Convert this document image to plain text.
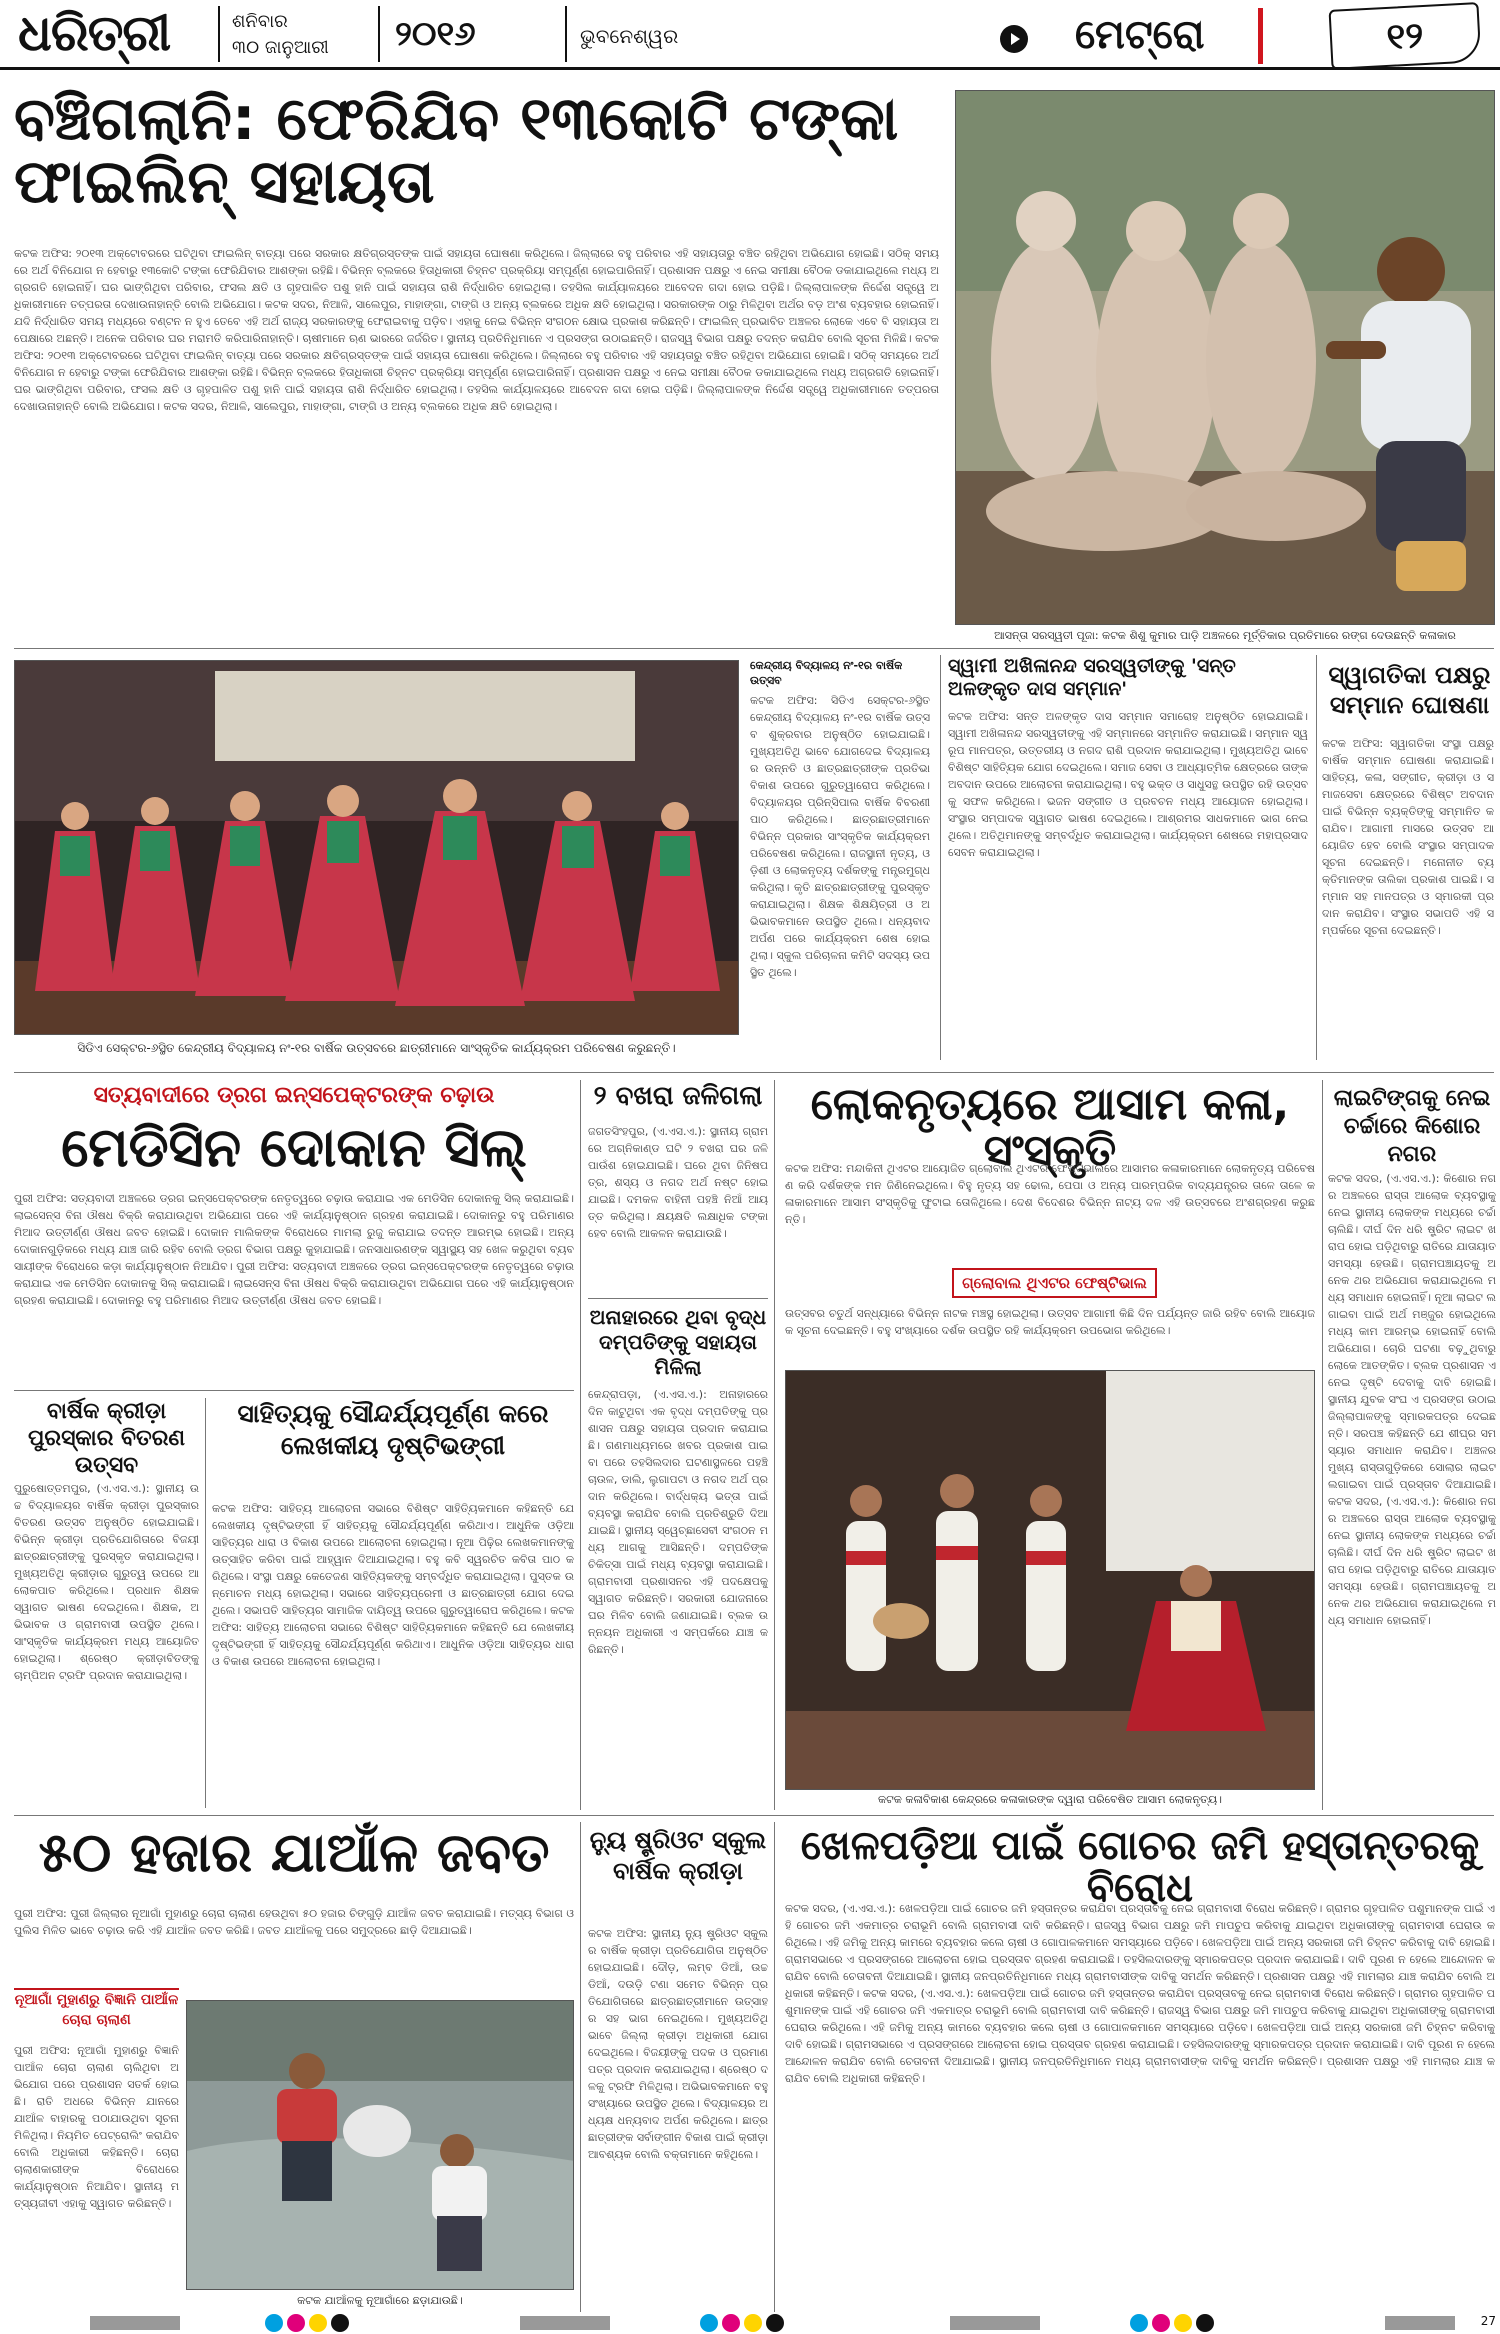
ଧରିତ୍ରୀ	ଶନିବାର
୩୦ ଜାନୁଆରୀ ୨୦୧୬	ଭୁବନେଶ୍ୱର	ମେଟ୍ରୋ	୧୨
ବଞ୍ଚିଗଲାନି: ଫେରିଯିବ ୧୩କୋଟି ଟଙ୍କା ଫାଇଲିନ୍ ସହାୟତା
କଟକ ଅଫିସ: ୨୦୧୩ ଅକ୍ଟୋବରରେ ଘଟିଥିବା ଫାଇଲିନ୍ ବାତ୍ୟା ପରେ ସରକାର କ୍ଷତିଗ୍ରସ୍ତଙ୍କ ପାଇଁ ସହାୟତା ଘୋଷଣା କରିଥିଲେ। ଜିଲ୍ଲାରେ ବହୁ ପରିବାର ଏହି ସହାୟତାରୁ ବଞ୍ଚିତ ରହିଥିବା ଅଭିଯୋଗ ହୋଇଛି। ସଠିକ୍ ସମୟରେ ଅର୍ଥ ବିନିଯୋଗ ନ ହେବାରୁ ୧୩କୋଟି ଟଙ୍କା ଫେରିଯିବାର ଆଶଙ୍କା ରହିଛି। ବିଭିନ୍ନ ବ୍ଲକରେ ହିତାଧିକାରୀ ଚିହ୍ନଟ ପ୍ରକ୍ରିୟା ସମ୍ପୂର୍ଣ୍ଣ ହୋଇପାରିନାହିଁ। ପ୍ରଶାସନ ପକ୍ଷରୁ ଏ ନେଇ ସମୀକ୍ଷା ବୈଠକ ଡକାଯାଇଥିଲେ ମଧ୍ୟ ଅଗ୍ରଗତି ହୋଇନାହିଁ। ଘର ଭାଙ୍ଗିଥିବା ପରିବାର, ଫସଲ କ୍ଷତି ଓ ଗୃହପାଳିତ ପଶୁ ହାନି ପାଇଁ ସହାୟତା ରାଶି ନିର୍ଦ୍ଧାରିତ ହୋଇଥିଲା। ତହସିଲ କାର୍ଯ୍ୟାଳୟରେ ଆବେଦନ ଗଦା ହୋଇ ପଡ଼ିଛି। ଜିଲ୍ଲାପାଳଙ୍କ ନିର୍ଦ୍ଦେଶ ସତ୍ତ୍ୱେ ଅଧିକାରୀମାନେ ତତ୍ପରତା ଦେଖାଉନାହାନ୍ତି ବୋଲି ଅଭିଯୋଗ। କଟକ ସଦର, ନିଆଳି, ସାଲେପୁର, ମାହାଙ୍ଗା, ଟାଙ୍ଗି ଓ ଅନ୍ୟ ବ୍ଲକରେ ଅଧିକ କ୍ଷତି ହୋଇଥିଲା। ସରକାରଙ୍କ ଠାରୁ ମିଳିଥିବା ଅର୍ଥର ବଡ଼ ଅଂଶ ବ୍ୟବହାର ହୋଇନାହିଁ। ଯଦି ନିର୍ଦ୍ଧାରିତ ସମୟ ମଧ୍ୟରେ ବଣ୍ଟନ ନ ହୁଏ ତେବେ ଏହି ଅର୍ଥ ରାଜ୍ୟ ସରକାରଙ୍କୁ ଫେରାଇବାକୁ ପଡ଼ିବ। ଏହାକୁ ନେଇ ବିଭିନ୍ନ ସଂଗଠନ କ୍ଷୋଭ ପ୍ରକାଶ କରିଛନ୍ତି। ଫାଇଲିନ୍ ପ୍ରଭାବିତ ଅଞ୍ଚଳର ଲୋକେ ଏବେ ବି ସହାୟତା ଅପେକ୍ଷାରେ ଅଛନ୍ତି। ଅନେକ ପରିବାର ଘର ମରାମତି କରିପାରିନାହାନ୍ତି। ଚାଷୀମାନେ ଋଣ ଭାରରେ ଜର୍ଜରିତ। ସ୍ଥାନୀୟ ପ୍ରତିନିଧିମାନେ ଏ ପ୍ରସଙ୍ଗ ଉଠାଇଛନ୍ତି। ରାଜସ୍ୱ ବିଭାଗ ପକ୍ଷରୁ ତଦନ୍ତ କରାଯିବ ବୋଲି ସୂଚନା ମିଳିଛି। କଟକ ଅଫିସ: ୨୦୧୩ ଅକ୍ଟୋବରରେ ଘଟିଥିବା ଫାଇଲିନ୍ ବାତ୍ୟା ପରେ ସରକାର କ୍ଷତିଗ୍ରସ୍ତଙ୍କ ପାଇଁ ସହାୟତା ଘୋଷଣା କରିଥିଲେ। ଜିଲ୍ଲାରେ ବହୁ ପରିବାର ଏହି ସହାୟତାରୁ ବଞ୍ଚିତ ରହିଥିବା ଅଭିଯୋଗ ହୋଇଛି। ସଠିକ୍ ସମୟରେ ଅର୍ଥ ବିନିଯୋଗ ନ ହେବାରୁ ଟଙ୍କା ଫେରିଯିବାର ଆଶଙ୍କା ରହିଛି। ବିଭିନ୍ନ ବ୍ଲକରେ ହିତାଧିକାରୀ ଚିହ୍ନଟ ପ୍ରକ୍ରିୟା ସମ୍ପୂର୍ଣ୍ଣ ହୋଇପାରିନାହିଁ। ପ୍ରଶାସନ ପକ୍ଷରୁ ଏ ନେଇ ସମୀକ୍ଷା ବୈଠକ ଡକାଯାଇଥିଲେ ମଧ୍ୟ ଅଗ୍ରଗତି ହୋଇନାହିଁ। ଘର ଭାଙ୍ଗିଥିବା ପରିବାର, ଫସଲ କ୍ଷତି ଓ ଗୃହପାଳିତ ପଶୁ ହାନି ପାଇଁ ସହାୟତା ରାଶି ନିର୍ଦ୍ଧାରିତ ହୋଇଥିଲା। ତହସିଲ କାର୍ଯ୍ୟାଳୟରେ ଆବେଦନ ଗଦା ହୋଇ ପଡ଼ିଛି। ଜିଲ୍ଲାପାଳଙ୍କ ନିର୍ଦ୍ଦେଶ ସତ୍ତ୍ୱେ ଅଧିକାରୀମାନେ ତତ୍ପରତା ଦେଖାଉନାହାନ୍ତି ବୋଲି ଅଭିଯୋଗ। କଟକ ସଦର, ନିଆଳି, ସାଲେପୁର, ମାହାଙ୍ଗା, ଟାଙ୍ଗି ଓ ଅନ୍ୟ ବ୍ଲକରେ ଅଧିକ କ୍ଷତି ହୋଇଥିଲା।
ଆସନ୍ତା ସରସ୍ୱତୀ ପୂଜା: କଟକ ଶିଶୁ କୁମାର ପାଡ଼ି ଅଞ୍ଚଳରେ ମୂର୍ତ୍ତିକାର ପ୍ରତିମାରେ ରଙ୍ଗ ଦେଉଛନ୍ତି କଳାକାର
ସିଡିଏ ସେକ୍ଟର-୬ସ୍ଥିତ କେନ୍ଦ୍ରୀୟ ବିଦ୍ୟାଳୟ ନଂ-୧ର ବାର୍ଷିକ ଉତ୍ସବରେ ଛାତ୍ରୀମାନେ ସାଂସ୍କୃତିକ କାର୍ଯ୍ୟକ୍ରମ ପରିବେଷଣ କରୁଛନ୍ତି।
କେନ୍ଦ୍ରୀୟ ବିଦ୍ୟାଳୟ ନଂ-୧ର ବାର୍ଷିକ ଉତ୍ସବ
କଟକ ଅଫିସ: ସିଡିଏ ସେକ୍ଟର-୬ସ୍ଥିତ କେନ୍ଦ୍ରୀୟ ବିଦ୍ୟାଳୟ ନଂ-୧ର ବାର୍ଷିକ ଉତ୍ସବ ଶୁକ୍ରବାର ଅନୁଷ୍ଠିତ ହୋଇଯାଇଛି। ମୁଖ୍ୟଅତିଥି ଭାବେ ଯୋଗଦେଇ ବିଦ୍ୟାଳୟର ଉନ୍ନତି ଓ ଛାତ୍ରଛାତ୍ରୀଙ୍କ ପ୍ରତିଭା ବିକାଶ ଉପରେ ଗୁରୁତ୍ୱାରୋପ କରିଥିଲେ। ବିଦ୍ୟାଳୟର ପ୍ରିନ୍ସିପାଲ ବାର୍ଷିକ ବିବରଣୀ ପାଠ କରିଥିଲେ। ଛାତ୍ରଛାତ୍ରୀମାନେ ବିଭିନ୍ନ ପ୍ରକାର ସାଂସ୍କୃତିକ କାର୍ଯ୍ୟକ୍ରମ ପରିବେଷଣ କରିଥିଲେ। ରାଜସ୍ଥାନୀ ନୃତ୍ୟ, ଓଡ଼ିଶୀ ଓ ଲୋକନୃତ୍ୟ ଦର୍ଶକଙ୍କୁ ମନ୍ତ୍ରମୁଗ୍ଧ କରିଥିଲା। କୃତି ଛାତ୍ରଛାତ୍ରୀଙ୍କୁ ପୁରସ୍କୃତ କରାଯାଇଥିଲା। ଶିକ୍ଷକ ଶିକ୍ଷୟିତ୍ରୀ ଓ ଅଭିଭାବକମାନେ ଉପସ୍ଥିତ ଥିଲେ। ଧନ୍ୟବାଦ ଅର୍ପଣ ପରେ କାର୍ଯ୍ୟକ୍ରମ ଶେଷ ହୋଇଥିଲା। ସ୍କୁଲ ପରିଚାଳନା କମିଟି ସଦସ୍ୟ ଉପସ୍ଥିତ ଥିଲେ।
ସ୍ୱାମୀ ଅଖିଳାନନ୍ଦ ସରସ୍ୱତୀଙ୍କୁ 'ସନ୍ତ ଅଳଙ୍କୃତ ଦାସ ସମ୍ମାନ'
କଟକ ଅଫିସ: ସନ୍ତ ଅଳଙ୍କୃତ ଦାସ ସମ୍ମାନ ସମାରୋହ ଅନୁଷ୍ଠିତ ହୋଇଯାଇଛି। ସ୍ୱାମୀ ଅଖିଳାନନ୍ଦ ସରସ୍ୱତୀଙ୍କୁ ଏହି ସମ୍ମାନରେ ସମ୍ମାନିତ କରାଯାଇଛି। ସମ୍ମାନ ସ୍ୱରୂପ ମାନପତ୍ର, ଉତ୍ତରୀୟ ଓ ନଗଦ ରାଶି ପ୍ରଦାନ କରାଯାଇଥିଲା। ମୁଖ୍ୟଅତିଥି ଭାବେ ବିଶିଷ୍ଟ ସାହିତ୍ୟିକ ଯୋଗ ଦେଇଥିଲେ। ସମାଜ ସେବା ଓ ଆଧ୍ୟାତ୍ମିକ କ୍ଷେତ୍ରରେ ତାଙ୍କ ଅବଦାନ ଉପରେ ଆଲୋଚନା କରାଯାଇଥିଲା। ବହୁ ଭକ୍ତ ଓ ସାଧୁସନ୍ଥ ଉପସ୍ଥିତ ରହି ଉତ୍ସବକୁ ସଫଳ କରିଥିଲେ। ଭଜନ ସଙ୍ଗୀତ ଓ ପ୍ରବଚନ ମଧ୍ୟ ଆୟୋଜନ ହୋଇଥିଲା। ସଂସ୍ଥାର ସମ୍ପାଦକ ସ୍ୱାଗତ ଭାଷଣ ଦେଇଥିଲେ। ଆଶ୍ରମର ସାଧକମାନେ ଭାଗ ନେଇଥିଲେ। ଅତିଥିମାନଙ୍କୁ ସମ୍ବର୍ଦ୍ଧିତ କରାଯାଇଥିଲା। କାର୍ଯ୍ୟକ୍ରମ ଶେଷରେ ମହାପ୍ରସାଦ ସେବନ କରାଯାଇଥିଲା।
ସ୍ୱାଗତିକା ପକ୍ଷରୁ ସମ୍ମାନ ଘୋଷଣା
କଟକ ଅଫିସ: ସ୍ୱାଗତିକା ସଂସ୍ଥା ପକ୍ଷରୁ ବାର୍ଷିକ ସମ୍ମାନ ଘୋଷଣା କରାଯାଇଛି। ସାହିତ୍ୟ, କଳା, ସଙ୍ଗୀତ, କ୍ରୀଡ଼ା ଓ ସମାଜସେବା କ୍ଷେତ୍ରରେ ବିଶିଷ୍ଟ ଅବଦାନ ପାଇଁ ବିଭିନ୍ନ ବ୍ୟକ୍ତିଙ୍କୁ ସମ୍ମାନିତ କରାଯିବ। ଆଗାମୀ ମାସରେ ଉତ୍ସବ ଆୟୋଜିତ ହେବ ବୋଲି ସଂସ୍ଥାର ସମ୍ପାଦକ ସୂଚନା ଦେଇଛନ୍ତି। ମନୋନୀତ ବ୍ୟକ୍ତିମାନଙ୍କ ତାଲିକା ପ୍ରକାଶ ପାଇଛି। ସମ୍ମାନ ସହ ମାନପତ୍ର ଓ ସ୍ମାରକୀ ପ୍ରଦାନ କରାଯିବ। ସଂସ୍ଥାର ସଭାପତି ଏହି ସମ୍ପର୍କରେ ସୂଚନା ଦେଇଛନ୍ତି।
ସତ୍ୟବାଦୀରେ ଡ୍ରଗ ଇନ୍ସପେକ୍ଟରଙ୍କ ଚଢ଼ାଉ
ମେଡିସିନ ଦୋକାନ ସିଲ୍
ପୁରୀ ଅଫିସ: ସତ୍ୟବାଦୀ ଅଞ୍ଚଳରେ ଡ୍ରଗ ଇନ୍ସପେକ୍ଟରଙ୍କ ନେତୃତ୍ୱରେ ଚଢ଼ାଉ କରାଯାଇ ଏକ ମେଡିସିନ ଦୋକାନକୁ ସିଲ୍ କରାଯାଇଛି। ଲାଇସେନ୍ସ ବିନା ଔଷଧ ବିକ୍ରି କରାଯାଉଥିବା ଅଭିଯୋଗ ପରେ ଏହି କାର୍ଯ୍ୟାନୁଷ୍ଠାନ ଗ୍ରହଣ କରାଯାଇଛି। ଦୋକାନରୁ ବହୁ ପରିମାଣର ମିଆଦ ଉତ୍ତୀର୍ଣ୍ଣ ଔଷଧ ଜବତ ହୋଇଛି। ଦୋକାନ ମାଲିକଙ୍କ ବିରୋଧରେ ମାମଲା ରୁଜୁ କରାଯାଇ ତଦନ୍ତ ଆରମ୍ଭ ହୋଇଛି। ଅନ୍ୟ ଦୋକାନଗୁଡ଼ିକରେ ମଧ୍ୟ ଯାଞ୍ଚ ଜାରି ରହିବ ବୋଲି ଡ୍ରଗ ବିଭାଗ ପକ୍ଷରୁ କୁହାଯାଇଛି। ଜନସାଧାରଣଙ୍କ ସ୍ୱାସ୍ଥ୍ୟ ସହ ଖେଳ କରୁଥିବା ବ୍ୟବସାୟୀଙ୍କ ବିରୋଧରେ କଡ଼ା କାର୍ଯ୍ୟାନୁଷ୍ଠାନ ନିଆଯିବ। ପୁରୀ ଅଫିସ: ସତ୍ୟବାଦୀ ଅଞ୍ଚଳରେ ଡ୍ରଗ ଇନ୍ସପେକ୍ଟରଙ୍କ ନେତୃତ୍ୱରେ ଚଢ଼ାଉ କରାଯାଇ ଏକ ମେଡିସିନ ଦୋକାନକୁ ସିଲ୍ କରାଯାଇଛି। ଲାଇସେନ୍ସ ବିନା ଔଷଧ ବିକ୍ରି କରାଯାଉଥିବା ଅଭିଯୋଗ ପରେ ଏହି କାର୍ଯ୍ୟାନୁଷ୍ଠାନ ଗ୍ରହଣ କରାଯାଇଛି। ଦୋକାନରୁ ବହୁ ପରିମାଣର ମିଆଦ ଉତ୍ତୀର୍ଣ୍ଣ ଔଷଧ ଜବତ ହୋଇଛି।
୨ ବଖରା ଜଳିଗଲା
ଜଗତସିଂହପୁର, (ଏ.ଏସ.ଏ.): ସ୍ଥାନୀୟ ଗ୍ରାମରେ ଅଗ୍ନିକାଣ୍ଡ ଘଟି ୨ ବଖରା ଘର ଜଳି ପାଉଁଶ ହୋଇଯାଇଛି। ଘରେ ଥିବା ଜିନିଷପତ୍ର, ଶସ୍ୟ ଓ ନଗଦ ଅର୍ଥ ନଷ୍ଟ ହୋଇଯାଇଛି। ଦମକଳ ବାହିନୀ ପହଞ୍ଚି ନିଆଁ ଆୟତ୍ତ କରିଥିଲା। କ୍ଷୟକ୍ଷତି ଲକ୍ଷାଧିକ ଟଙ୍କା ହେବ ବୋଲି ଆକଳନ କରାଯାଉଛି।
ଅନାହାରରେ ଥିବା ବୃଦ୍ଧ ଦମ୍ପତିଙ୍କୁ ସହାୟତା ମିଳିଲା
କେନ୍ଦ୍ରାପଡ଼ା, (ଏ.ଏସ.ଏ.): ଅନାହାରରେ ଦିନ କାଟୁଥିବା ଏକ ବୃଦ୍ଧ ଦମ୍ପତିଙ୍କୁ ପ୍ରଶାସନ ପକ୍ଷରୁ ସହାୟତା ପ୍ରଦାନ କରାଯାଇଛି। ଗଣମାଧ୍ୟମରେ ଖବର ପ୍ରକାଶ ପାଇବା ପରେ ତହସିଲଦାର ଘଟଣାସ୍ଥଳରେ ପହଞ୍ଚି ଚାଉଳ, ଡାଲି, ଲୁଗାପଟା ଓ ନଗଦ ଅର୍ଥ ପ୍ରଦାନ କରିଥିଲେ। ବାର୍ଦ୍ଧକ୍ୟ ଭତ୍ତା ପାଇଁ ବ୍ୟବସ୍ଥା କରାଯିବ ବୋଲି ପ୍ରତିଶ୍ରୁତି ଦିଆଯାଇଛି। ସ୍ଥାନୀୟ ସ୍ୱେଚ୍ଛାସେବୀ ସଂଗଠନ ମଧ୍ୟ ଆଗକୁ ଆସିଛନ୍ତି। ଦମ୍ପତିଙ୍କ ଚିକିତ୍ସା ପାଇଁ ମଧ୍ୟ ବ୍ୟବସ୍ଥା କରାଯାଇଛି। ଗ୍ରାମବାସୀ ପ୍ରଶାସନର ଏହି ପଦକ୍ଷେପକୁ ସ୍ୱାଗତ କରିଛନ୍ତି। ସରକାରୀ ଯୋଜନାରେ ଘର ମିଳିବ ବୋଲି ଜଣାଯାଇଛି। ବ୍ଲକ ଉନ୍ନୟନ ଅଧିକାରୀ ଏ ସମ୍ପର୍କରେ ଯାଞ୍ଚ କରିଛନ୍ତି।
ଲୋକନୃତ୍ୟରେ ଆସାମ କଳା, ସଂସ୍କୃତି
କଟକ ଅଫିସ: ମନ୍ଦାକିନୀ ଥିଏଟର ଆୟୋଜିତ ଗ୍ଲୋବାଲ ଥିଏଟର ଫେଷ୍ଟିଭାଲରେ ଆସାମର କଳାକାରମାନେ ଲୋକନୃତ୍ୟ ପରିବେଷଣ କରି ଦର୍ଶକଙ୍କ ମନ ଜିଣିନେଇଥିଲେ। ବିହୁ ନୃତ୍ୟ ସହ ଢୋଲ, ପେପା ଓ ଅନ୍ୟ ପାରମ୍ପରିକ ବାଦ୍ୟଯନ୍ତ୍ରର ତାଳେ ତାଳେ କଳାକାରମାନେ ଆସାମ ସଂସ୍କୃତିକୁ ଫୁଟାଇ ତୋଳିଥିଲେ। ଦେଶ ବିଦେଶର ବିଭିନ୍ନ ନାଟ୍ୟ ଦଳ ଏହି ଉତ୍ସବରେ ଅଂଶଗ୍ରହଣ କରୁଛନ୍ତି।
ଗ୍ଲୋବାଲ ଥିଏଟର ଫେଷ୍ଟିଭାଲ
ଉତ୍ସବର ଚତୁର୍ଥ ସନ୍ଧ୍ୟାରେ ବିଭିନ୍ନ ନାଟକ ମଞ୍ଚସ୍ଥ ହୋଇଥିଲା। ଉତ୍ସବ ଆଗାମୀ କିଛି ଦିନ ପର୍ଯ୍ୟନ୍ତ ଜାରି ରହିବ ବୋଲି ଆୟୋଜକ ସୂଚନା ଦେଇଛନ୍ତି। ବହୁ ସଂଖ୍ୟାରେ ଦର୍ଶକ ଉପସ୍ଥିତ ରହି କାର୍ଯ୍ୟକ୍ରମ ଉପଭୋଗ କରିଥିଲେ।
କଟକ କଳାବିକାଶ କେନ୍ଦ୍ରରେ କଳାକାରଙ୍କ ଦ୍ୱାରା ପରିବେଷିତ ଆସାମ ଲୋକନୃତ୍ୟ।
ଲାଇଟିଙ୍ଗକୁ ନେଇ ଚର୍ଚ୍ଚାରେ କିଶୋର ନଗର
କଟକ ସଦର, (ଏ.ଏସ.ଏ.): କିଶୋର ନଗର ଅଞ୍ଚଳରେ ରାସ୍ତା ଆଲୋକ ବ୍ୟବସ୍ଥାକୁ ନେଇ ସ୍ଥାନୀୟ ଲୋକଙ୍କ ମଧ୍ୟରେ ଚର୍ଚ୍ଚା ଚାଲିଛି। ଦୀର୍ଘ ଦିନ ଧରି ଷ୍ଟ୍ରିଟ ଲାଇଟ ଖରାପ ହୋଇ ପଡ଼ିଥିବାରୁ ରାତିରେ ଯାତାୟାତ ସମସ୍ୟା ହେଉଛି। ଗ୍ରାମପଞ୍ଚାୟତକୁ ଅନେକ ଥର ଅଭିଯୋଗ କରାଯାଇଥିଲେ ମଧ୍ୟ ସମାଧାନ ହୋଇନାହିଁ। ନୂଆ ଲାଇଟ ଲଗାଇବା ପାଇଁ ଅର୍ଥ ମଞ୍ଜୁର ହୋଇଥିଲେ ମଧ୍ୟ କାମ ଆରମ୍ଭ ହୋଇନାହିଁ ବୋଲି ଅଭିଯୋଗ। ଚୋରି ଘଟଣା ବଢ଼ୁଥିବାରୁ ଲୋକେ ଆତଙ୍କିତ। ବ୍ଲକ ପ୍ରଶାସନ ଏ ନେଇ ଦୃଷ୍ଟି ଦେବାକୁ ଦାବି ହୋଇଛି। ସ୍ଥାନୀୟ ଯୁବକ ସଂଘ ଏ ପ୍ରସଙ୍ଗ ଉଠାଇ ଜିଲ୍ଲାପାଳଙ୍କୁ ସ୍ମାରକପତ୍ର ଦେଇଛନ୍ତି। ସରପଞ୍ଚ କହିଛନ୍ତି ଯେ ଶୀଘ୍ର ସମସ୍ୟାର ସମାଧାନ କରାଯିବ। ଅଞ୍ଚଳର ମୁଖ୍ୟ ରାସ୍ତାଗୁଡ଼ିକରେ ସୋଲାର ଲାଇଟ ଲଗାଇବା ପାଇଁ ପ୍ରସ୍ତାବ ଦିଆଯାଇଛି। କଟକ ସଦର, (ଏ.ଏସ.ଏ.): କିଶୋର ନଗର ଅଞ୍ଚଳରେ ରାସ୍ତା ଆଲୋକ ବ୍ୟବସ୍ଥାକୁ ନେଇ ସ୍ଥାନୀୟ ଲୋକଙ୍କ ମଧ୍ୟରେ ଚର୍ଚ୍ଚା ଚାଲିଛି। ଦୀର୍ଘ ଦିନ ଧରି ଷ୍ଟ୍ରିଟ ଲାଇଟ ଖରାପ ହୋଇ ପଡ଼ିଥିବାରୁ ରାତିରେ ଯାତାୟାତ ସମସ୍ୟା ହେଉଛି। ଗ୍ରାମପଞ୍ଚାୟତକୁ ଅନେକ ଥର ଅଭିଯୋଗ କରାଯାଇଥିଲେ ମଧ୍ୟ ସମାଧାନ ହୋଇନାହିଁ।
ବାର୍ଷିକ କ୍ରୀଡ଼ା ପୁରସ୍କାର ବିତରଣ ଉତ୍ସବ
ପୁରୁଷୋତ୍ତମପୁର, (ଏ.ଏସ.ଏ.): ସ୍ଥାନୀୟ ଉଚ୍ଚ ବିଦ୍ୟାଳୟର ବାର୍ଷିକ କ୍ରୀଡ଼ା ପୁରସ୍କାର ବିତରଣ ଉତ୍ସବ ଅନୁଷ୍ଠିତ ହୋଇଯାଇଛି। ବିଭିନ୍ନ କ୍ରୀଡ଼ା ପ୍ରତିଯୋଗିତାରେ ବିଜୟୀ ଛାତ୍ରଛାତ୍ରୀଙ୍କୁ ପୁରସ୍କୃତ କରାଯାଇଥିଲା। ମୁଖ୍ୟଅତିଥି କ୍ରୀଡ଼ାର ଗୁରୁତ୍ୱ ଉପରେ ଆଲୋକପାତ କରିଥିଲେ। ପ୍ରଧାନ ଶିକ୍ଷକ ସ୍ୱାଗତ ଭାଷଣ ଦେଇଥିଲେ। ଶିକ୍ଷକ, ଅଭିଭାବକ ଓ ଗ୍ରାମବାସୀ ଉପସ୍ଥିତ ଥିଲେ। ସାଂସ୍କୃତିକ କାର୍ଯ୍ୟକ୍ରମ ମଧ୍ୟ ଆୟୋଜିତ ହୋଇଥିଲା। ଶ୍ରେଷ୍ଠ କ୍ରୀଡ଼ାବିତଙ୍କୁ ଚାମ୍ପିଅନ ଟ୍ରଫି ପ୍ରଦାନ କରାଯାଇଥିଲା।
ସାହିତ୍ୟକୁ ସୌନ୍ଦର୍ଯ୍ୟପୂର୍ଣ୍ଣ କରେ ଲେଖକୀୟ ଦୃଷ୍ଟିଭଙ୍ଗୀ
କଟକ ଅଫିସ: ସାହିତ୍ୟ ଆଲୋଚନା ସଭାରେ ବିଶିଷ୍ଟ ସାହିତ୍ୟିକମାନେ କହିଛନ୍ତି ଯେ ଲେଖକୀୟ ଦୃଷ୍ଟିଭଙ୍ଗୀ ହିଁ ସାହିତ୍ୟକୁ ସୌନ୍ଦର୍ଯ୍ୟପୂର୍ଣ୍ଣ କରିଥାଏ। ଆଧୁନିକ ଓଡ଼ିଆ ସାହିତ୍ୟର ଧାରା ଓ ବିକାଶ ଉପରେ ଆଲୋଚନା ହୋଇଥିଲା। ନୂଆ ପିଢ଼ିର ଲେଖକମାନଙ୍କୁ ଉତ୍ସାହିତ କରିବା ପାଇଁ ଆହ୍ୱାନ ଦିଆଯାଇଥିଲା। ବହୁ କବି ସ୍ୱରଚିତ କବିତା ପାଠ କରିଥିଲେ। ସଂସ୍ଥା ପକ୍ଷରୁ କେତେଜଣ ସାହିତ୍ୟିକଙ୍କୁ ସମ୍ବର୍ଦ୍ଧିତ କରାଯାଇଥିଲା। ପୁସ୍ତକ ଉନ୍ମୋଚନ ମଧ୍ୟ ହୋଇଥିଲା। ସଭାରେ ସାହିତ୍ୟପ୍ରେମୀ ଓ ଛାତ୍ରଛାତ୍ରୀ ଯୋଗ ଦେଇଥିଲେ। ସଭାପତି ସାହିତ୍ୟର ସାମାଜିକ ଦାୟିତ୍ୱ ଉପରେ ଗୁରୁତ୍ୱାରୋପ କରିଥିଲେ। କଟକ ଅଫିସ: ସାହିତ୍ୟ ଆଲୋଚନା ସଭାରେ ବିଶିଷ୍ଟ ସାହିତ୍ୟିକମାନେ କହିଛନ୍ତି ଯେ ଲେଖକୀୟ ଦୃଷ୍ଟିଭଙ୍ଗୀ ହିଁ ସାହିତ୍ୟକୁ ସୌନ୍ଦର୍ଯ୍ୟପୂର୍ଣ୍ଣ କରିଥାଏ। ଆଧୁନିକ ଓଡ଼ିଆ ସାହିତ୍ୟର ଧାରା ଓ ବିକାଶ ଉପରେ ଆଲୋଚନା ହୋଇଥିଲା।
୫୦ ହଜାର ଯାଆଁଳ ଜବତ
ପୁରୀ ଅଫିସ: ପୁରୀ ଜିଲ୍ଲାର ନୂଆଗାଁ ମୁହାଣରୁ ଚୋରା ଚାଲାଣ ହେଉଥିବା ୫୦ ହଜାର ଚିଙ୍ଗୁଡ଼ି ଯାଆଁଳ ଜବତ କରାଯାଇଛି। ମତ୍ସ୍ୟ ବିଭାଗ ଓ ପୁଲିସ ମିଳିତ ଭାବେ ଚଢ଼ାଉ କରି ଏହି ଯାଆଁଳ ଜବତ କରିଛି। ଜବତ ଯାଆଁଳକୁ ପରେ ସମୁଦ୍ରରେ ଛାଡ଼ି ଦିଆଯାଇଛି।
ନୂଆଗାଁ ମୁହାଣରୁ ବିଜ୍ଞାନି ପାଆଁଳ ଚୋରା ଚାଲାଣ
ପୁରୀ ଅଫିସ: ନୂଆଗାଁ ମୁହାଣରୁ ବିଜ୍ଞାନି ପାଆଁଳ ଚୋରା ଚାଲାଣ ଚାଲିଥିବା ଅଭିଯୋଗ ପରେ ପ୍ରଶାସନ ସତର୍କ ହୋଇଛି। ରାତି ଅଧରେ ବିଭିନ୍ନ ଯାନରେ ଯାଆଁଳ ବାହାରକୁ ପଠାଯାଉଥିବା ସୂଚନା ମିଳିଥିଲା। ନିୟମିତ ପେଟ୍ରୋଲିଂ କରାଯିବ ବୋଲି ଅଧିକାରୀ କହିଛନ୍ତି। ଚୋରା ଚାଲାଣକାରୀଙ୍କ ବିରୋଧରେ କାର୍ଯ୍ୟାନୁଷ୍ଠାନ ନିଆଯିବ। ସ୍ଥାନୀୟ ମତ୍ସ୍ୟଜୀବୀ ଏହାକୁ ସ୍ୱାଗତ କରିଛନ୍ତି।
କଟକ ଯାଆଁଳକୁ ନୂଆଗାଁରେ ଛଡ଼ାଯାଉଛି।
ନ୍ୟୁ ଷ୍ଟ୍ରିଓଟ ସ୍କୁଲ ବାର୍ଷିକ କ୍ରୀଡ଼ା
କଟକ ଅଫିସ: ସ୍ଥାନୀୟ ନ୍ୟୁ ଷ୍ଟ୍ରିଓଟ ସ୍କୁଲର ବାର୍ଷିକ କ୍ରୀଡ଼ା ପ୍ରତିଯୋଗିତା ଅନୁଷ୍ଠିତ ହୋଇଯାଇଛି। ଦୌଡ଼, ଲମ୍ବ ଡିଆଁ, ଉଚ୍ଚ ଡିଆଁ, ଦଉଡ଼ି ଟଣା ସମେତ ବିଭିନ୍ନ ପ୍ରତିଯୋଗିତାରେ ଛାତ୍ରଛାତ୍ରୀମାନେ ଉତ୍ସାହର ସହ ଭାଗ ନେଇଥିଲେ। ମୁଖ୍ୟଅତିଥି ଭାବେ ଜିଲ୍ଲା କ୍ରୀଡ଼ା ଅଧିକାରୀ ଯୋଗ ଦେଇଥିଲେ। ବିଜୟୀଙ୍କୁ ପଦକ ଓ ପ୍ରମାଣପତ୍ର ପ୍ରଦାନ କରାଯାଇଥିଲା। ଶ୍ରେଷ୍ଠ ଦଳକୁ ଟ୍ରଫି ମିଳିଥିଲା। ଅଭିଭାବକମାନେ ବହୁ ସଂଖ୍ୟାରେ ଉପସ୍ଥିତ ଥିଲେ। ବିଦ୍ୟାଳୟର ଅଧ୍ୟକ୍ଷ ଧନ୍ୟବାଦ ଅର୍ପଣ କରିଥିଲେ। ଛାତ୍ରଛାତ୍ରୀଙ୍କ ସର୍ବାଙ୍ଗୀନ ବିକାଶ ପାଇଁ କ୍ରୀଡ଼ା ଆବଶ୍ୟକ ବୋଲି ବକ୍ତାମାନେ କହିଥିଲେ।
ଖେଳପଡ଼ିଆ ପାଇଁ ଗୋଚର ଜମି ହସ୍ତାନ୍ତରକୁ ବିରୋଧ
କଟକ ସଦର, (ଏ.ଏସ.ଏ.): ଖେଳପଡ଼ିଆ ପାଇଁ ଗୋଚର ଜମି ହସ୍ତାନ୍ତର କରାଯିବା ପ୍ରସ୍ତାବକୁ ନେଇ ଗ୍ରାମବାସୀ ବିରୋଧ କରିଛନ୍ତି। ଗ୍ରାମର ଗୃହପାଳିତ ପଶୁମାନଙ୍କ ପାଇଁ ଏହି ଗୋଚର ଜମି ଏକମାତ୍ର ଚରାଭୂମି ବୋଲି ଗ୍ରାମବାସୀ ଦାବି କରିଛନ୍ତି। ରାଜସ୍ୱ ବିଭାଗ ପକ୍ଷରୁ ଜମି ମାପଚୁପ କରିବାକୁ ଯାଇଥିବା ଅଧିକାରୀଙ୍କୁ ଗ୍ରାମବାସୀ ଘେରାଉ କରିଥିଲେ। ଏହି ଜମିକୁ ଅନ୍ୟ କାମରେ ବ୍ୟବହାର କଲେ ଚାଷୀ ଓ ଗୋପାଳକମାନେ ସମସ୍ୟାରେ ପଡ଼ିବେ। ଖେଳପଡ଼ିଆ ପାଇଁ ଅନ୍ୟ ସରକାରୀ ଜମି ଚିହ୍ନଟ କରିବାକୁ ଦାବି ହୋଇଛି। ଗ୍ରାମସଭାରେ ଏ ପ୍ରସଙ୍ଗରେ ଆଲୋଚନା ହୋଇ ପ୍ରସ୍ତାବ ଗ୍ରହଣ କରାଯାଇଛି। ତହସିଲଦାରଙ୍କୁ ସ୍ମାରକପତ୍ର ପ୍ରଦାନ କରାଯାଇଛି। ଦାବି ପୂରଣ ନ ହେଲେ ଆନ୍ଦୋଳନ କରାଯିବ ବୋଲି ଚେତାବନୀ ଦିଆଯାଇଛି। ସ୍ଥାନୀୟ ଜନପ୍ରତିନିଧିମାନେ ମଧ୍ୟ ଗ୍ରାମବାସୀଙ୍କ ଦାବିକୁ ସମର୍ଥନ କରିଛନ୍ତି। ପ୍ରଶାସନ ପକ୍ଷରୁ ଏହି ମାମଲାର ଯାଞ୍ଚ କରାଯିବ ବୋଲି ଅଧିକାରୀ କହିଛନ୍ତି। କଟକ ସଦର, (ଏ.ଏସ.ଏ.): ଖେଳପଡ଼ିଆ ପାଇଁ ଗୋଚର ଜମି ହସ୍ତାନ୍ତର କରାଯିବା ପ୍ରସ୍ତାବକୁ ନେଇ ଗ୍ରାମବାସୀ ବିରୋଧ କରିଛନ୍ତି। ଗ୍ରାମର ଗୃହପାଳିତ ପଶୁମାନଙ୍କ ପାଇଁ ଏହି ଗୋଚର ଜମି ଏକମାତ୍ର ଚରାଭୂମି ବୋଲି ଗ୍ରାମବାସୀ ଦାବି କରିଛନ୍ତି। ରାଜସ୍ୱ ବିଭାଗ ପକ୍ଷରୁ ଜମି ମାପଚୁପ କରିବାକୁ ଯାଇଥିବା ଅଧିକାରୀଙ୍କୁ ଗ୍ରାମବାସୀ ଘେରାଉ କରିଥିଲେ। ଏହି ଜମିକୁ ଅନ୍ୟ କାମରେ ବ୍ୟବହାର କଲେ ଚାଷୀ ଓ ଗୋପାଳକମାନେ ସମସ୍ୟାରେ ପଡ଼ିବେ। ଖେଳପଡ଼ିଆ ପାଇଁ ଅନ୍ୟ ସରକାରୀ ଜମି ଚିହ୍ନଟ କରିବାକୁ ଦାବି ହୋଇଛି। ଗ୍ରାମସଭାରେ ଏ ପ୍ରସଙ୍ଗରେ ଆଲୋଚନା ହୋଇ ପ୍ରସ୍ତାବ ଗ୍ରହଣ କରାଯାଇଛି। ତହସିଲଦାରଙ୍କୁ ସ୍ମାରକପତ୍ର ପ୍ରଦାନ କରାଯାଇଛି। ଦାବି ପୂରଣ ନ ହେଲେ ଆନ୍ଦୋଳନ କରାଯିବ ବୋଲି ଚେତାବନୀ ଦିଆଯାଇଛି। ସ୍ଥାନୀୟ ଜନପ୍ରତିନିଧିମାନେ ମଧ୍ୟ ଗ୍ରାମବାସୀଙ୍କ ଦାବିକୁ ସମର୍ଥନ କରିଛନ୍ତି। ପ୍ରଶାସନ ପକ୍ଷରୁ ଏହି ମାମଲାର ଯାଞ୍ଚ କରାଯିବ ବୋଲି ଅଧିକାରୀ କହିଛନ୍ତି।
27
